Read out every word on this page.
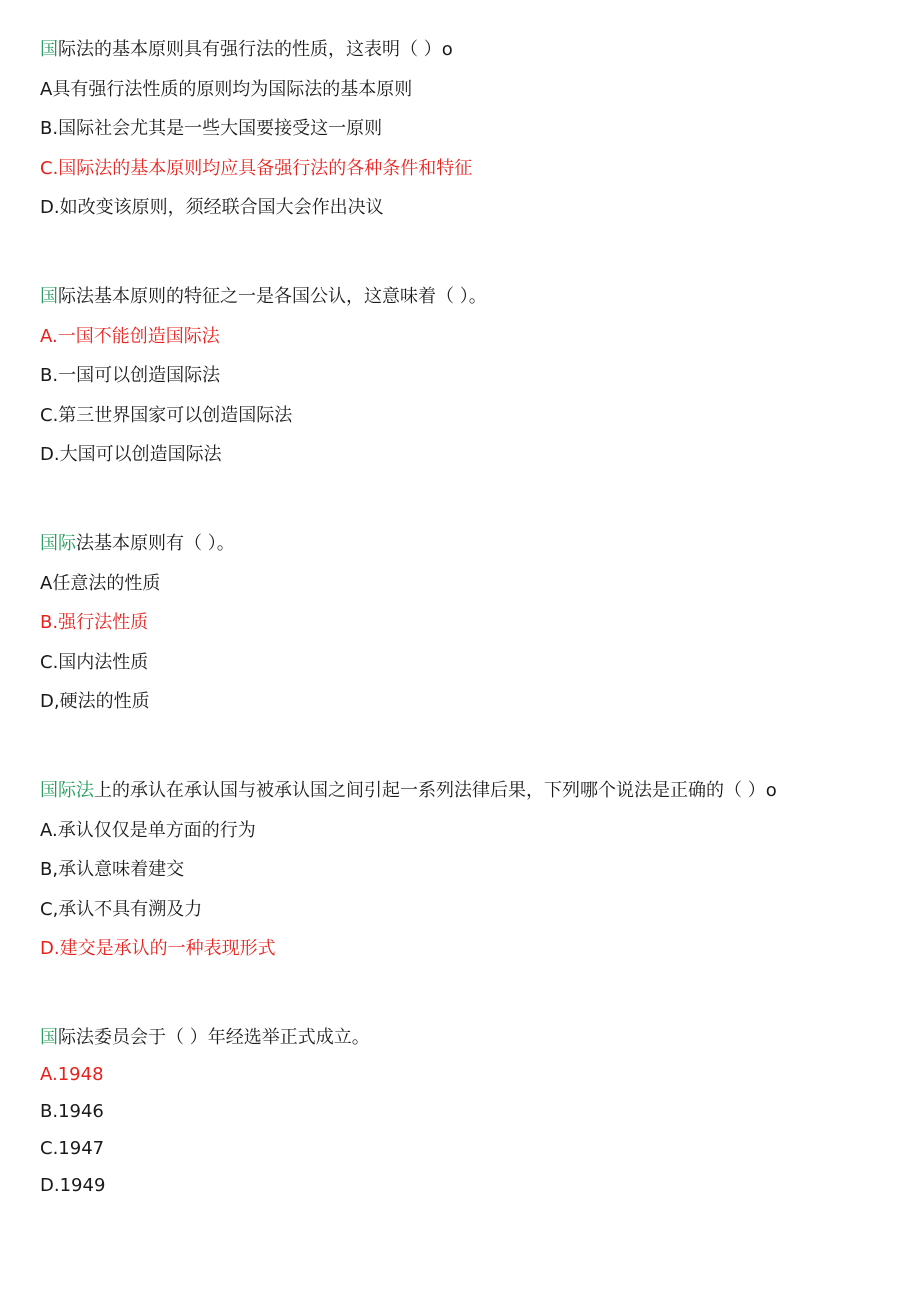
国际法的基本原则具有强行法的性质，这表明（ ）o

A具有强行法性质的原则均为国际法的基本原则

B.国际社会尤其是一些大国要接受这一原则

C.国际法的基本原则均应具备强行法的各种条件和特征

D.如改变该原则，须经联合国大会作出决议

国际法基本原则的特征之一是各国公认，这意味着（ ）。

A.一国不能创造国际法

B.一国可以创造国际法

C.第三世界国家可以创造国际法

D.大国可以创造国际法

国际法基本原则有（ ）。

A任意法的性质

B.强行法性质

C.国内法性质

D,硬法的性质

国际法上的承认在承认国与被承认国之间引起一系列法律后果，下列哪个说法是正确的（ ）o

A.承认仅仅是单方面的行为

B,承认意味着建交

C,承认不具有溯及力

D.建交是承认的一种表现形式

国际法委员会于（ ）年经选举正式成立。

A.1948

B.1946

C.1947

D.1949
